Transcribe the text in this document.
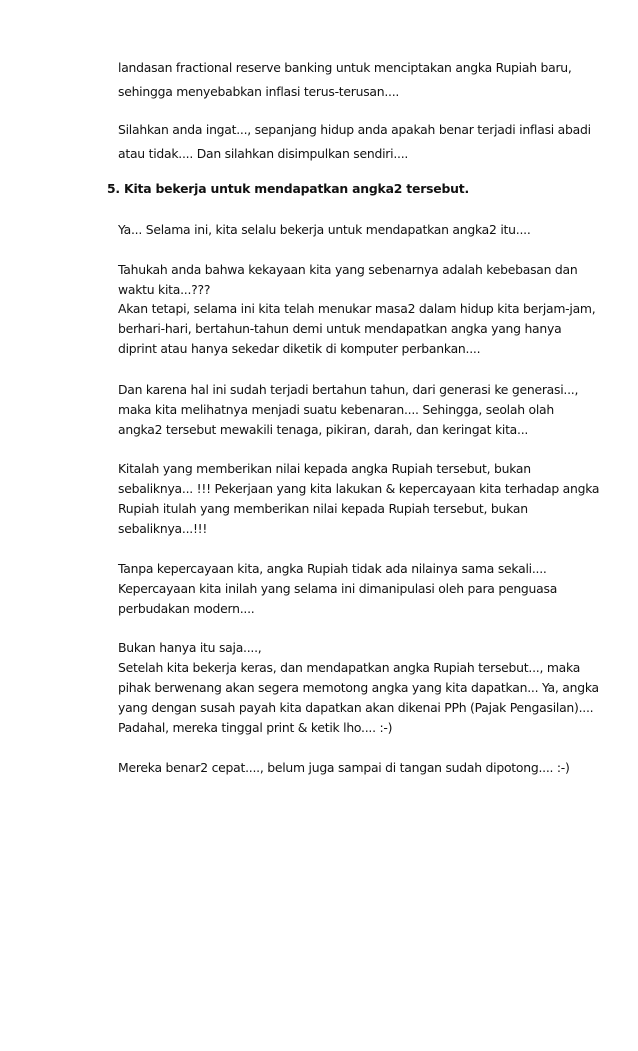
landasan fractional reserve banking untuk menciptakan angka Rupiah baru,
sehingga menyebabkan inflasi terus-terusan....
Silahkan anda ingat..., sepanjang hidup anda apakah benar terjadi inflasi abadi
atau tidak.... Dan silahkan disimpulkan sendiri....
5. Kita bekerja untuk mendapatkan angka2 tersebut.
Ya... Selama ini, kita selalu bekerja untuk mendapatkan angka2 itu....
Tahukah anda bahwa kekayaan kita yang sebenarnya adalah kebebasan dan
waktu kita...???
Akan tetapi, selama ini kita telah menukar masa2 dalam hidup kita berjam-jam,
berhari-hari, bertahun-tahun demi untuk mendapatkan angka yang hanya
diprint atau hanya sekedar diketik di komputer perbankan....
Dan karena hal ini sudah terjadi bertahun tahun, dari generasi ke generasi...,
maka kita melihatnya menjadi suatu kebenaran.... Sehingga, seolah olah
angka2 tersebut mewakili tenaga, pikiran, darah, dan keringat kita...
Kitalah yang memberikan nilai kepada angka Rupiah tersebut, bukan
sebaliknya... !!! Pekerjaan yang kita lakukan & kepercayaan kita terhadap angka
Rupiah itulah yang memberikan nilai kepada Rupiah tersebut, bukan
sebaliknya...!!!
Tanpa kepercayaan kita, angka Rupiah tidak ada nilainya sama sekali....
Kepercayaan kita inilah yang selama ini dimanipulasi oleh para penguasa
perbudakan modern....
Bukan hanya itu saja....,
Setelah kita bekerja keras, dan mendapatkan angka Rupiah tersebut..., maka
pihak berwenang akan segera memotong angka yang kita dapatkan... Ya, angka
yang dengan susah payah kita dapatkan akan dikenai PPh (Pajak Pengasilan)....
Padahal, mereka tinggal print & ketik lho.... :-)
Mereka benar2 cepat...., belum juga sampai di tangan sudah dipotong.... :-)
